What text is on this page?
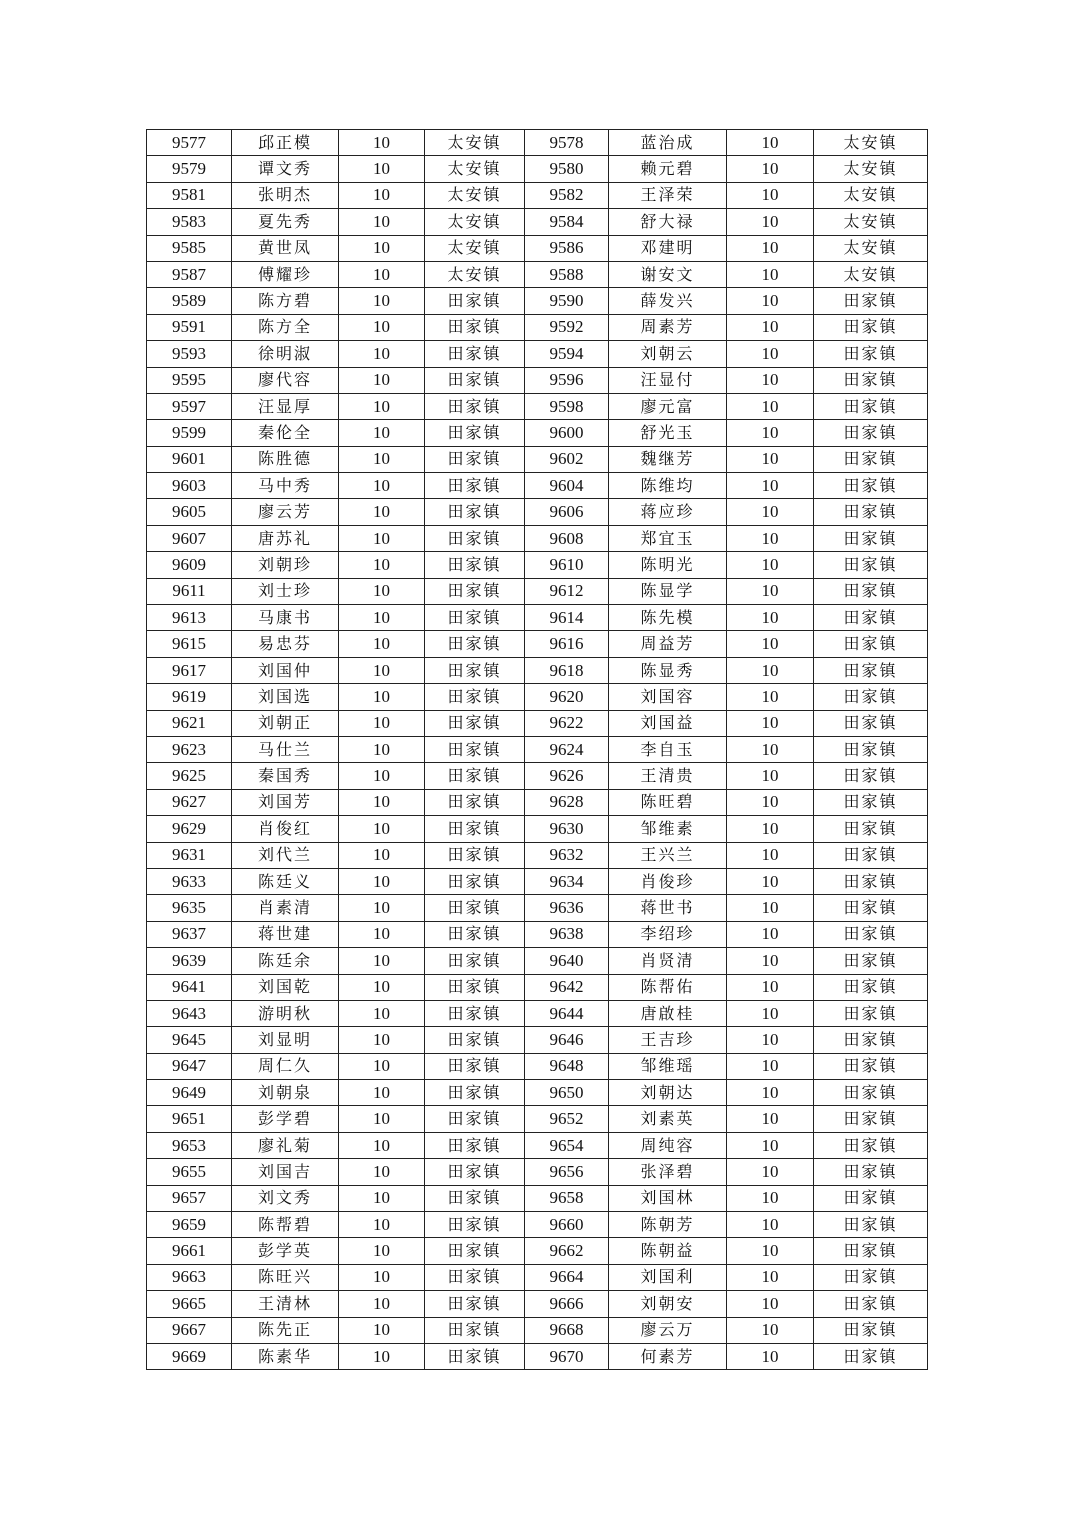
9577	邱正模	10	太安镇	9578	蓝治成	10	太安镇
9579	谭文秀	10	太安镇	9580	赖元碧	10	太安镇
9581	张明杰	10	太安镇	9582	王泽荣	10	太安镇
9583	夏先秀	10	太安镇	9584	舒大禄	10	太安镇
9585	黄世凤	10	太安镇	9586	邓建明	10	太安镇
9587	傅耀珍	10	太安镇	9588	谢安文	10	太安镇
9589	陈方碧	10	田家镇	9590	薛发兴	10	田家镇
9591	陈方全	10	田家镇	9592	周素芳	10	田家镇
9593	徐明淑	10	田家镇	9594	刘朝云	10	田家镇
9595	廖代容	10	田家镇	9596	汪显付	10	田家镇
9597	汪显厚	10	田家镇	9598	廖元富	10	田家镇
9599	秦伦全	10	田家镇	9600	舒光玉	10	田家镇
9601	陈胜德	10	田家镇	9602	魏继芳	10	田家镇
9603	马中秀	10	田家镇	9604	陈维均	10	田家镇
9605	廖云芳	10	田家镇	9606	蒋应珍	10	田家镇
9607	唐苏礼	10	田家镇	9608	郑宜玉	10	田家镇
9609	刘朝珍	10	田家镇	9610	陈明光	10	田家镇
9611	刘士珍	10	田家镇	9612	陈显学	10	田家镇
9613	马康书	10	田家镇	9614	陈先模	10	田家镇
9615	易忠芬	10	田家镇	9616	周益芳	10	田家镇
9617	刘国仲	10	田家镇	9618	陈显秀	10	田家镇
9619	刘国选	10	田家镇	9620	刘国容	10	田家镇
9621	刘朝正	10	田家镇	9622	刘国益	10	田家镇
9623	马仕兰	10	田家镇	9624	李自玉	10	田家镇
9625	秦国秀	10	田家镇	9626	王清贵	10	田家镇
9627	刘国芳	10	田家镇	9628	陈旺碧	10	田家镇
9629	肖俊红	10	田家镇	9630	邹维素	10	田家镇
9631	刘代兰	10	田家镇	9632	王兴兰	10	田家镇
9633	陈廷义	10	田家镇	9634	肖俊珍	10	田家镇
9635	肖素清	10	田家镇	9636	蒋世书	10	田家镇
9637	蒋世建	10	田家镇	9638	李绍珍	10	田家镇
9639	陈廷余	10	田家镇	9640	肖贤清	10	田家镇
9641	刘国乾	10	田家镇	9642	陈帮佑	10	田家镇
9643	游明秋	10	田家镇	9644	唐啟桂	10	田家镇
9645	刘显明	10	田家镇	9646	王吉珍	10	田家镇
9647	周仁久	10	田家镇	9648	邹维瑶	10	田家镇
9649	刘朝泉	10	田家镇	9650	刘朝达	10	田家镇
9651	彭学碧	10	田家镇	9652	刘素英	10	田家镇
9653	廖礼菊	10	田家镇	9654	周纯容	10	田家镇
9655	刘国吉	10	田家镇	9656	张泽碧	10	田家镇
9657	刘文秀	10	田家镇	9658	刘国林	10	田家镇
9659	陈帮碧	10	田家镇	9660	陈朝芳	10	田家镇
9661	彭学英	10	田家镇	9662	陈朝益	10	田家镇
9663	陈旺兴	10	田家镇	9664	刘国利	10	田家镇
9665	王清林	10	田家镇	9666	刘朝安	10	田家镇
9667	陈先正	10	田家镇	9668	廖云万	10	田家镇
9669	陈素华	10	田家镇	9670	何素芳	10	田家镇
